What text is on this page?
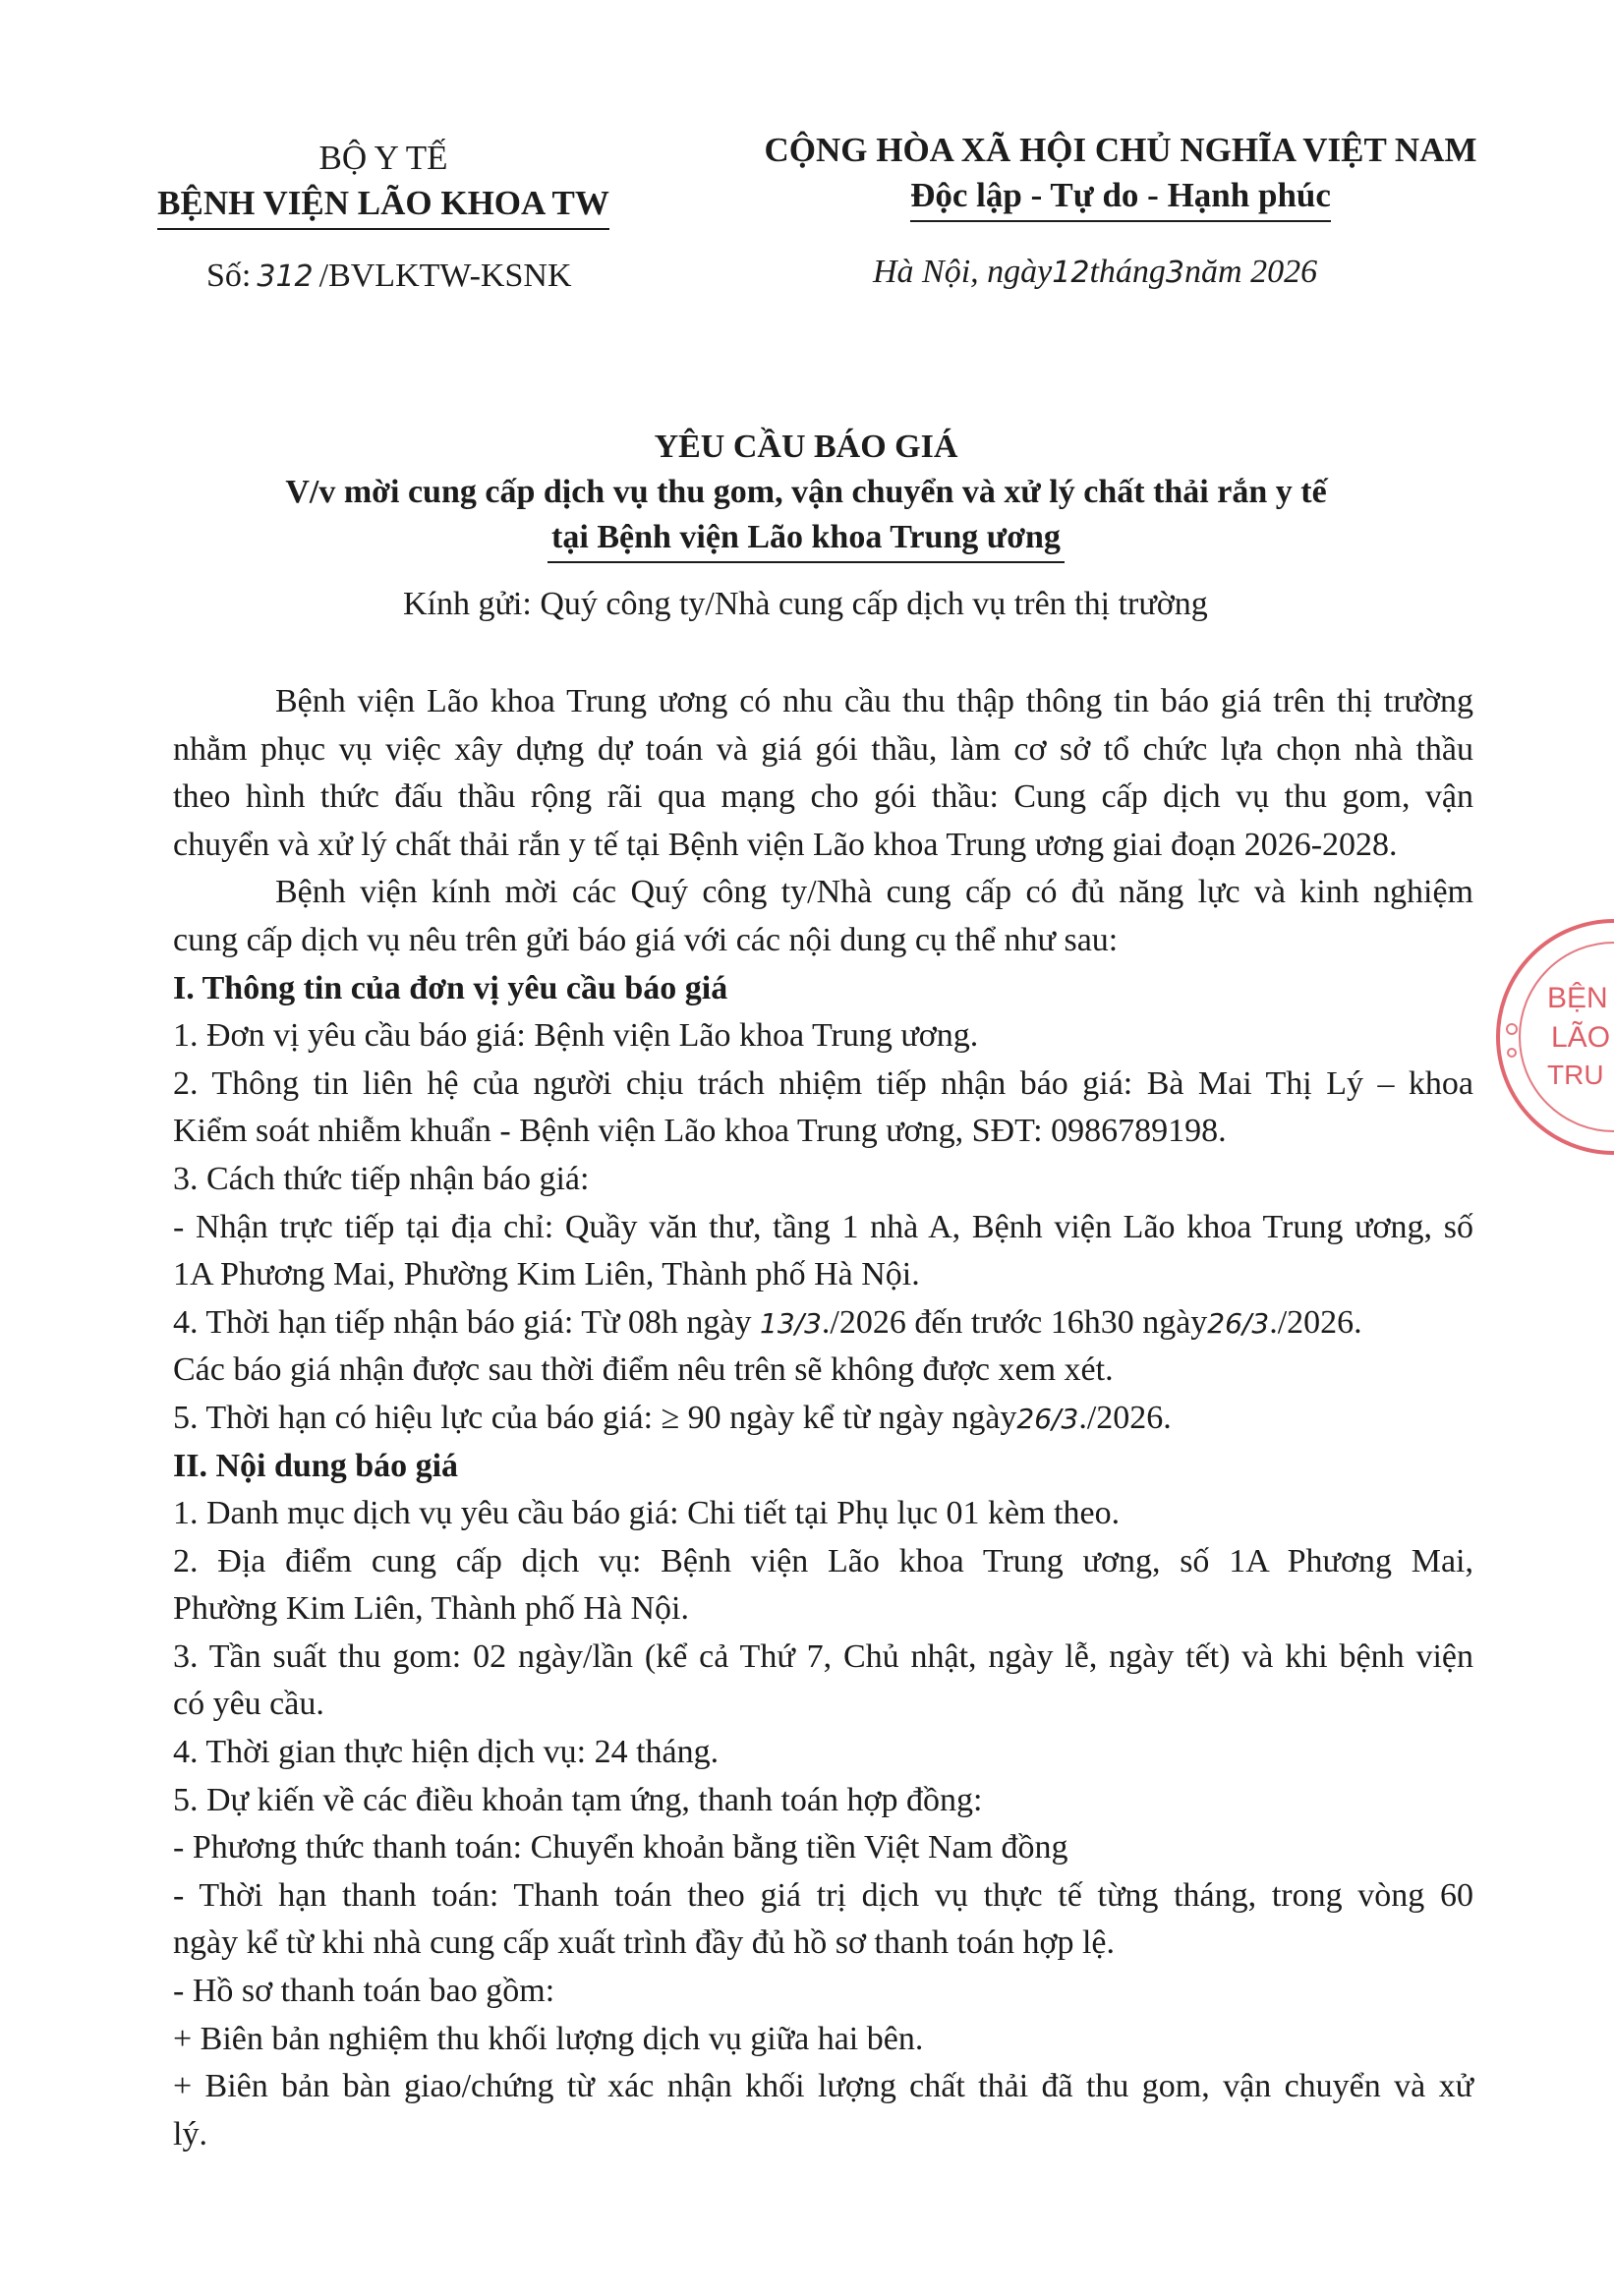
BỘ Y TẾ
BỆNH VIỆN LÃO KHOA TW
CỘNG HÒA XÃ HỘI CHỦ NGHĨA VIỆT NAM
Độc lập - Tự do - Hạnh phúc
Số: 312 /BVLKTW-KSNK	Hà Nội, ngày12tháng3năm 2026
YÊU CẦU BÁO GIÁ
V/v mời cung cấp dịch vụ thu gom, vận chuyển và xử lý chất thải rắn y tế
tại Bệnh viện Lão khoa Trung ương
Kính gửi: Quý công ty/Nhà cung cấp dịch vụ trên thị trường
Bệnh viện Lão khoa Trung ương có nhu cầu thu thập thông tin báo giá trên thị trường
nhằm phục vụ việc xây dựng dự toán và giá gói thầu, làm cơ sở tổ chức lựa chọn nhà thầu
theo hình thức đấu thầu rộng rãi qua mạng cho gói thầu: Cung cấp dịch vụ thu gom, vận
chuyển và xử lý chất thải rắn y tế tại Bệnh viện Lão khoa Trung ương giai đoạn 2026-2028.
Bệnh viện kính mời các Quý công ty/Nhà cung cấp có đủ năng lực và kinh nghiệm
cung cấp dịch vụ nêu trên gửi báo giá với các nội dung cụ thể như sau:
I. Thông tin của đơn vị yêu cầu báo giá
1. Đơn vị yêu cầu báo giá: Bệnh viện Lão khoa Trung ương.
2. Thông tin liên hệ của người chịu trách nhiệm tiếp nhận báo giá: Bà Mai Thị Lý – khoa
Kiểm soát nhiễm khuẩn - Bệnh viện Lão khoa Trung ương, SĐT: 0986789198.
3. Cách thức tiếp nhận báo giá:
- Nhận trực tiếp tại địa chỉ: Quầy văn thư, tầng 1 nhà A, Bệnh viện Lão khoa Trung ương, số
1A Phương Mai, Phường Kim Liên, Thành phố Hà Nội.
4. Thời hạn tiếp nhận báo giá: Từ 08h ngày 13/3./2026 đến trước 16h30 ngày26/3./2026.
Các báo giá nhận được sau thời điểm nêu trên sẽ không được xem xét.
5. Thời hạn có hiệu lực của báo giá: ≥ 90 ngày kể từ ngày ngày26/3./2026.
II. Nội dung báo giá
1. Danh mục dịch vụ yêu cầu báo giá: Chi tiết tại Phụ lục 01 kèm theo.
2. Địa điểm cung cấp dịch vụ: Bệnh viện Lão khoa Trung ương, số 1A Phương Mai,
Phường Kim Liên, Thành phố Hà Nội.
3. Tần suất thu gom: 02 ngày/lần (kể cả Thứ 7, Chủ nhật, ngày lễ, ngày tết) và khi bệnh viện
có yêu cầu.
4. Thời gian thực hiện dịch vụ: 24 tháng.
5. Dự kiến về các điều khoản tạm ứng, thanh toán hợp đồng:
- Phương thức thanh toán: Chuyển khoản bằng tiền Việt Nam đồng
- Thời hạn thanh toán: Thanh toán theo giá trị dịch vụ thực tế từng tháng, trong vòng 60
ngày kể từ khi nhà cung cấp xuất trình đầy đủ hồ sơ thanh toán hợp lệ.
- Hồ sơ thanh toán bao gồm:
+ Biên bản nghiệm thu khối lượng dịch vụ giữa hai bên.
+ Biên bản bàn giao/chứng từ xác nhận khối lượng chất thải đã thu gom, vận chuyển và xử
lý.
BỆN
LÃO
TRU
